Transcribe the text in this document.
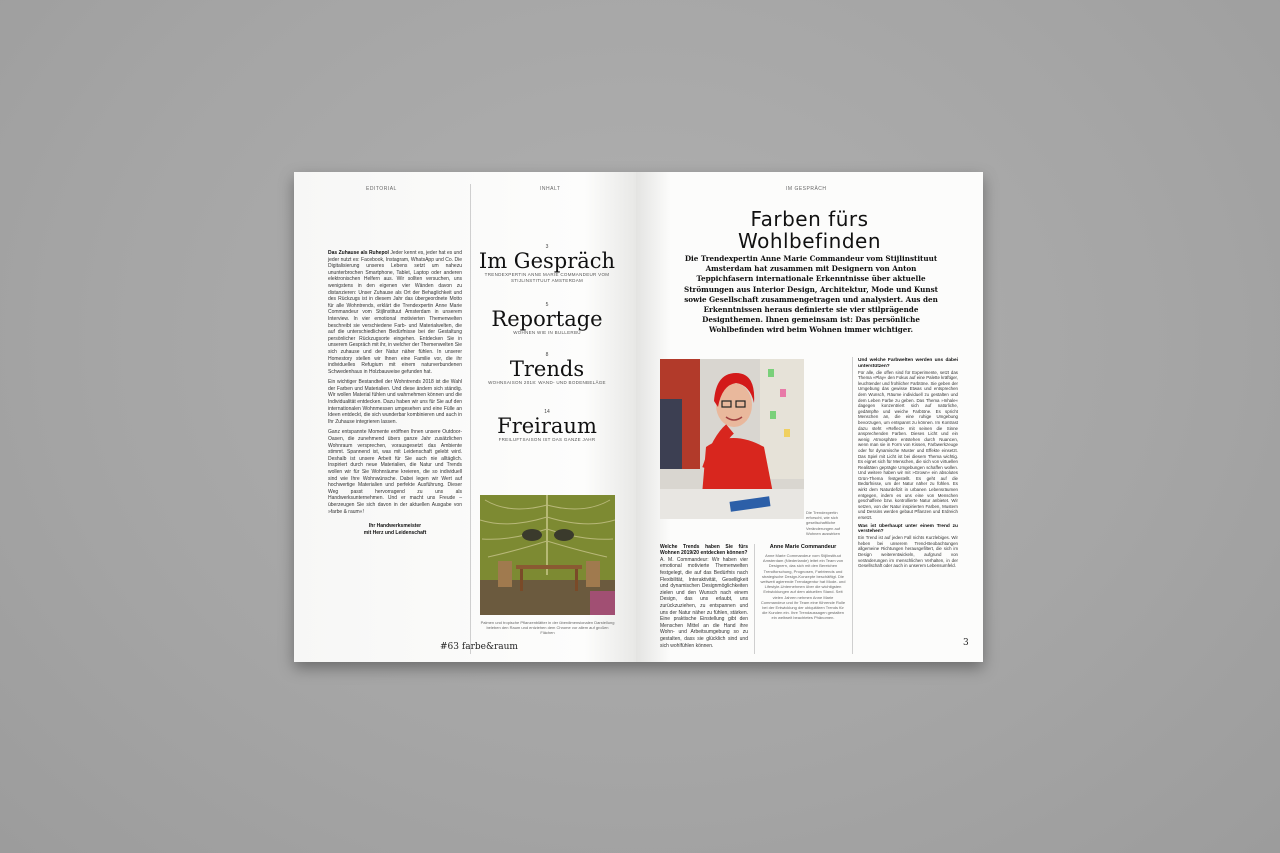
EDITORIAL	INHALT

Das Zuhause als Ruhepol Jeder kennt es, jeder hat es und jeder nutzt es: Facebook, Instagram, WhatsApp und Co. Die Digitalisierung unseres Lebens setzt um nahezu ununterbrochen Smartphone, Tablet, Laptop oder anderen elektronischen Helfern aus. Wir sollten versuchen, uns wenigstens in den eigenen vier Wänden davon zu distanzieren: Unser Zuhause als Ort der Behaglichkeit und des Rückzugs ist in diesem Jahr das übergeordnete Motto für alle Wohntrends, erklärt die Trendexpertin Anne Marie Commandeur vom Stijlinstituut Amsterdam in unserem Interview. In vier emotional motivierten Themenwelten beschreibt sie verschiedene Farb- und Materialwelten, die auf die unterschiedlichen Bedürfnisse bei der Gestaltung persönlicher Rückzugsorte eingehen. Entdecken Sie in unserem Gespräch mit ihr, in welcher der Themenwelten Sie sich zuhause und der Natur näher fühlen. In unserer Homestory stellen wir Ihnen eine Familie vor, die ihr individuelles Refugium mit einem naturverbundenen Schwedenhaus in Holzbauweise gefunden hat.

Ein wichtiger Bestandteil der Wohntrends 2018 ist die Wahl der Farben und Materialien. Und diese ändern sich ständig. Wir wollen Material fühlen und wahrnehmen können und die Individualität entdecken. Dazu haben wir uns für Sie auf den internationalen Wohnmessen umgesehen und eine Fülle an Ideen entdeckt, die sich wunderbar kombinieren und auch in Ihr Zuhause integrieren lassen.

Ganz entspannte Momente eröffnen Ihnen unsere Outdoor-Oasen, die zunehmend übers ganze Jahr zusätzlichen Wohnraum versprechen, vorausgesetzt das Ambiente stimmt. Spannend ist, was mit Leidenschaft gelebt wird. Deshalb ist unsere Arbeit für Sie auch nie alltäglich. Inspiriert durch neue Materialien, die Natur und Trends wollen wir für Sie Wohnräume kreieren, die so individuell sind wie Ihre Wohnwünsche. Dabei legen wir Wert auf hochwertige Materialien und perfekte Ausführung. Dieser Weg passt hervorragend zu uns als Handwerksunternehmen. Und er macht uns Freude – überzeugen Sie sich davon in der aktuellen Ausgabe von »farbe & raum«!

Ihr Handwerksmeister
mit Herz und Leidenschaft
3
Im Gespräch
TRENDEXPERTIN ANNE MARIE COMMANDEUR VOM STIJLINSTITUUT AMSTERDAM
5
Reportage
WOHNEN WIE IN BULLERBÜ
8
Trends
WOHNSAISON 2018: WAND- UND BODENBELÄGE
14
Freiraum
FREILUFTSAISON IST DAS GANZE JAHR
Palmen und tropische Pflanzenblätter in der überdimensionalen Darstellung beleben den Raum und entziehen dem Chrome vor allem auf großen Flächen
#63 farbe&raum
IM GESPRÄCH
Farben fürs
Wohlbefinden
Die Trendexpertin Anne Marie Commandeur vom Stijlinstituut Amsterdam hat zusammen mit Designern von Anton Teppichfasern internationale Erkenntnisse über aktuelle Strömungen aus Interior Design, Architektur, Mode und Kunst sowie Gesellschaft zusammengetragen und analysiert. Aus den Erkenntnissen heraus definierte sie vier stilprägende Designthemen. Ihnen gemeinsam ist: Das persönliche Wohlbefinden wird beim Wohnen immer wichtiger.
Die Trendexpertin erforscht, wie sich gesellschaftliche Veränderungen auf Wohnen auswirken
Welche Trends haben Sie fürs Wohnen 2019/20 entdecken können?
A. M. Commandeur: Wir haben vier emotional motivierte Themenwelten festgelegt, die auf das Bedürfnis nach Flexibilität, Interaktivität, Geselligkeit und dynamischen Designmöglichkeiten zielen und den Wunsch nach einem Design, das uns erlaubt, uns zurückzuziehen, zu entspannen und uns der Natur näher zu fühlen, stärken. Eine praktische Einstellung gibt den Menschen Mittel an die Hand ihre Wohn- und Arbeitsumgebung so zu gestalten, dass sie glücklich sind und sich wohlfühlen können.
Anne Marie Commandeur
Anne Marie Commandeur vom Stijlinstituut Amsterdam (Niederlande) leitet ein Team von Designern, das sich mit den Bereichen Trendforschung, Prognosen, Farbtrends und strategische Design-Konzepte beschäftigt. Die weltweit agierende Trendagentur hat Mode- und Lifestyle-Unternehmen über die wichtigsten Entwicklungen auf dem aktuellen Stand. Seit vielen Jahren nehmen Anne Marie Commandeur und ihr Team eine führende Rolle bei der Entwicklung der ubiquitären Trends für die Kunden ein. Ihre Trendaussagen gestalten ein weltweit beachtetes Phänomen.
Und welche Farbwelten werden uns dabei unterstützen?
Für alle, die offen sind für Experimente, setzt das Thema »Play« den Fokus auf eine Palette kräftiger, leuchtender und frohlicher Farbtöne. Sie geben der Umgebung das gewisse Etwas und entsprechen dem Wunsch, Räume individuell zu gestalten und dem Leben Farbe zu geben. Das Thema »Inhale« dagegen konzentriert sich auf natürliche, gedämpfte und weiche Farbtöne. Es spricht Menschen an, die eine ruhige Umgebung bevorzugen, um entspannt zu können. Im Kontrast dazu steht »Reflect« mit seinen die Sinne ansprechenden Farben. Dieses Licht und ein wenig Atmosphäre entstehen durch Nuancen, wenn man sie in Form von Kissen, Farbwerkzeuge oder für dynamische Muster und Effekte einsetzt. Das Spiel mit Licht ist bei diesem Thema wichtig. Es eignet sich für Menschen, die sich von virtuellen Realitäten geprägte Umgebungen schaffen wollen. Und weitere haben wir mit »Grown« ein absolutes Grün-Thema festgestellt. Es geht auf die Bedürfnisse, um der Natur näher zu fühlen. Es wirkt dem Naturdefizit in urbanen Lebensräumen entgegen, indem es uns eine von Menschen geschaffene bzw. kontrollierte Natur anbietet. Wir setzen, von der Natur inspirierten Farben, Mustern und Dessins werden gebaut Pflanzen und Erdreich ersetzt.
Was ist überhaupt unter einem Trend zu verstehen?
Ein Trend ist auf jeden Fall nichts Kurzlebiges. Wir heben bei unserem Trend-Beobachtungen allgemeine Richtungen herausgefiltert, die sich im Design weiterentwickeln, aufgrund von veränderungen im menschlichen Verhalten, in der Gesellschaft oder auch in unserem Lebensumfeld.
3
